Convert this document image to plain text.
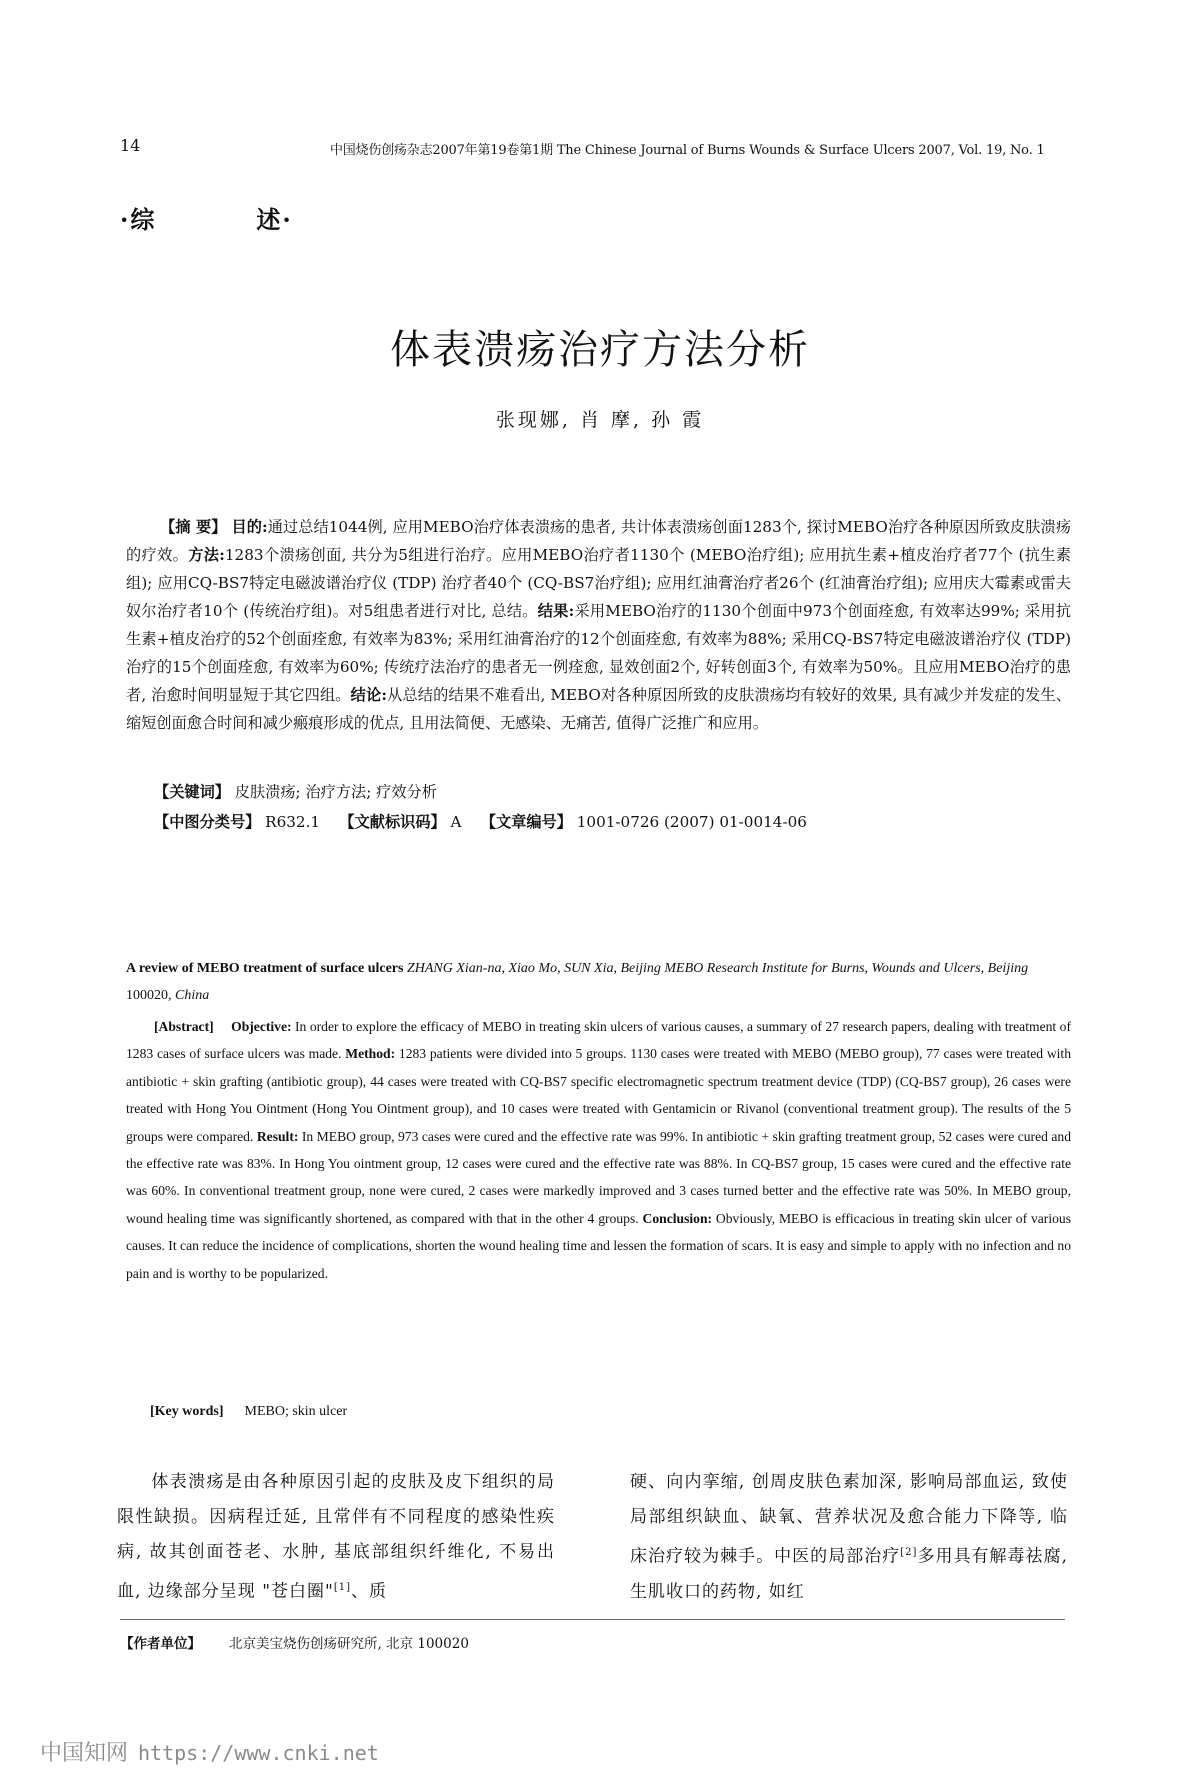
14	中国烧伤创疡杂志2007年第19卷第1期 The Chinese Journal of Burns Wounds & Surface Ulcers 2007, Vol. 19, No. 1
·综	述·
体表溃疡治疗方法分析
张现娜, 肖 摩, 孙 霞
【摘 要】 目的:通过总结1044例, 应用MEBO治疗体表溃疡的患者, 共计体表溃疡创面1283个, 探讨MEBO治疗各种原因所致皮肤溃疡的疗效。方法:1283个溃疡创面, 共分为5组进行治疗。应用MEBO治疗者1130个 (MEBO治疗组); 应用抗生素+植皮治疗者77个 (抗生素组); 应用CQ-BS7特定电磁波谱治疗仪 (TDP) 治疗者40个 (CQ-BS7治疗组); 应用红油膏治疗者26个 (红油膏治疗组); 应用庆大霉素或雷夫奴尔治疗者10个 (传统治疗组)。对5组患者进行对比, 总结。结果:采用MEBO治疗的1130个创面中973个创面痊愈, 有效率达99%; 采用抗生素+植皮治疗的52个创面痊愈, 有效率为83%; 采用红油膏治疗的12个创面痊愈, 有效率为88%; 采用CQ-BS7特定电磁波谱治疗仪 (TDP) 治疗的15个创面痊愈, 有效率为60%; 传统疗法治疗的患者无一例痊愈, 显效创面2个, 好转创面3个, 有效率为50%。且应用MEBO治疗的患者, 治愈时间明显短于其它四组。结论:从总结的结果不难看出, MEBO对各种原因所致的皮肤溃疡均有较好的效果, 具有减少并发症的发生、缩短创面愈合时间和减少瘢痕形成的优点, 且用法简便、无感染、无痛苦, 值得广泛推广和应用。
【关键词】 皮肤溃疡; 治疗方法; 疗效分析
【中图分类号】 R632.1 【文献标识码】 A 【文章编号】 1001-0726 (2007) 01-0014-06
A review of MEBO treatment of surface ulcers ZHANG Xian-na, Xiao Mo, SUN Xia, Beijing MEBO Research Institute for Burns, Wounds and Ulcers, Beijing 100020, China
[Abstract] Objective: In order to explore the efficacy of MEBO in treating skin ulcers of various causes, a summary of 27 research papers, dealing with treatment of 1283 cases of surface ulcers was made. Method: 1283 patients were divided into 5 groups. 1130 cases were treated with MEBO (MEBO group), 77 cases were treated with antibiotic + skin grafting (antibiotic group), 44 cases were treated with CQ-BS7 specific electromagnetic spectrum treatment device (TDP) (CQ-BS7 group), 26 cases were treated with Hong You Ointment (Hong You Ointment group), and 10 cases were treated with Gentamicin or Rivanol (conventional treatment group). The results of the 5 groups were compared. Result: In MEBO group, 973 cases were cured and the effective rate was 99%. In antibiotic + skin grafting treatment group, 52 cases were cured and the effective rate was 83%. In Hong You ointment group, 12 cases were cured and the effective rate was 88%. In CQ-BS7 group, 15 cases were cured and the effective rate was 60%. In conventional treatment group, none were cured, 2 cases were markedly improved and 3 cases turned better and the effective rate was 50%. In MEBO group, wound healing time was significantly shortened, as compared with that in the other 4 groups. Conclusion: Obviously, MEBO is efficacious in treating skin ulcer of various causes. It can reduce the incidence of complications, shorten the wound healing time and lessen the formation of scars. It is easy and simple to apply with no infection and no pain and is worthy to be popularized.
[Key words] MEBO; skin ulcer
体表溃疡是由各种原因引起的皮肤及皮下组织的局限性缺损。因病程迁延, 且常伴有不同程度的感染性疾病, 故其创面苍老、水肿, 基底部组织纤维化, 不易出血, 边缘部分呈现 "苍白圈"[1]、质
硬、向内挛缩, 创周皮肤色素加深, 影响局部血运, 致使局部组织缺血、缺氧、营养状况及愈合能力下降等, 临床治疗较为棘手。中医的局部治疗[2]多用具有解毒祛腐, 生肌收口的药物, 如红
【作者单位】 北京美宝烧伤创疡研究所, 北京 100020
中国知网 https://www.cnki.net
